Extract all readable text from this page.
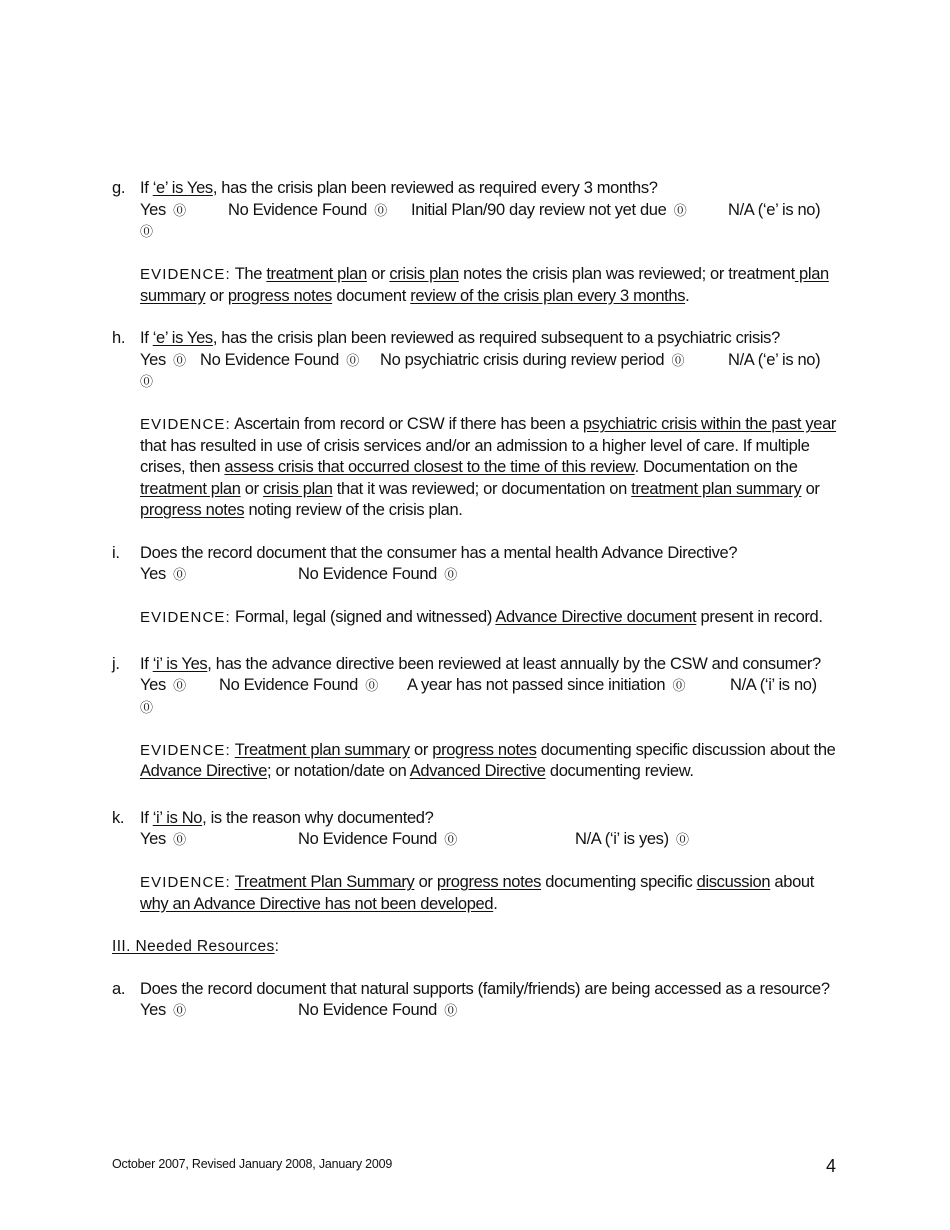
g. If ‘e’ is Yes, has the crisis plan been reviewed as required every 3 months?
Yes ⓪	No Evidence Found ⓪ Initial Plan/90 day review not yet due ⓪	N/A (‘e’ is no)
⓪
EVIDENCE: The treatment plan or crisis plan notes the crisis plan was reviewed; or treatment plan summary or progress notes document review of the crisis plan every 3 months.
h. If ‘e’ is Yes, has the crisis plan been reviewed as required subsequent to a psychiatric crisis?
Yes ⓪ No Evidence Found ⓪ No psychiatric crisis during review period ⓪	N/A (‘e’ is no)
⓪
EVIDENCE: Ascertain from record or CSW if there has been a psychiatric crisis within the past year that has resulted in use of crisis services and/or an admission to a higher level of care. If multiple crises, then assess crisis that occurred closest to the time of this review. Documentation on the treatment plan or crisis plan that it was reviewed; or documentation on treatment plan summary or progress notes noting review of the crisis plan.
i. Does the record document that the consumer has a mental health Advance Directive?
Yes ⓪	No Evidence Found ⓪
EVIDENCE: Formal, legal (signed and witnessed) Advance Directive document present in record.
j. If ‘i’ is Yes, has the advance directive been reviewed at least annually by the CSW and consumer?
Yes ⓪ No Evidence Found ⓪ A year has not passed since initiation ⓪	N/A (‘i’ is no)
⓪
EVIDENCE: Treatment plan summary or progress notes documenting specific discussion about the Advance Directive; or notation/date on Advanced Directive documenting review.
k. If ‘i’ is No, is the reason why documented?
Yes ⓪	No Evidence Found ⓪	N/A (‘i’ is yes) ⓪
EVIDENCE: Treatment Plan Summary or progress notes documenting specific discussion about why an Advance Directive has not been developed.
III. Needed Resources:
a. Does the record document that natural supports (family/friends) are being accessed as a resource?
Yes ⓪	No Evidence Found ⓪
October 2007, Revised January 2008, January 2009	4
